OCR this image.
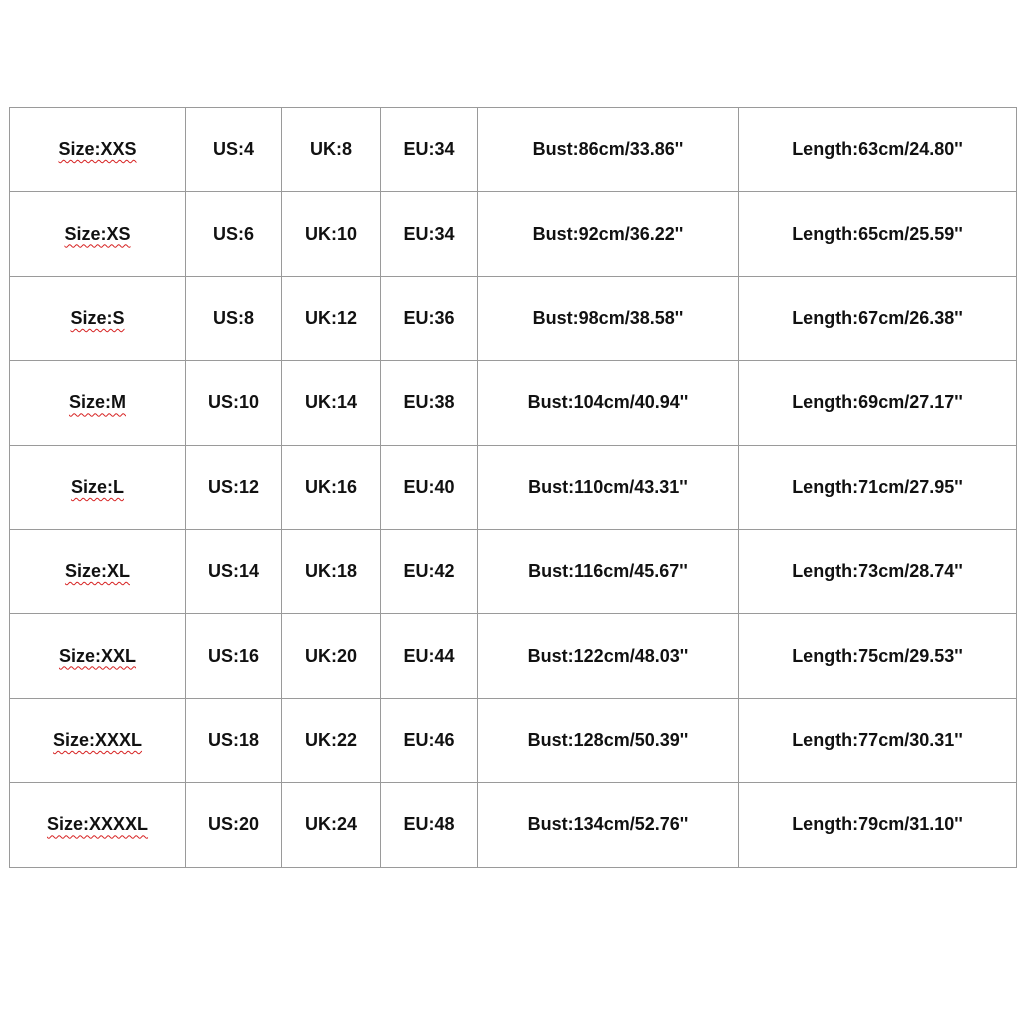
Size:XXS	US:4	UK:8	EU:34	Bust:86cm/33.86''	Length:63cm/24.80''
Size:XS	US:6	UK:10	EU:34	Bust:92cm/36.22''	Length:65cm/25.59''
Size:S	US:8	UK:12	EU:36	Bust:98cm/38.58''	Length:67cm/26.38''
Size:M	US:10	UK:14	EU:38	Bust:104cm/40.94''	Length:69cm/27.17''
Size:L	US:12	UK:16	EU:40	Bust:110cm/43.31''	Length:71cm/27.95''
Size:XL	US:14	UK:18	EU:42	Bust:116cm/45.67''	Length:73cm/28.74''
Size:XXL	US:16	UK:20	EU:44	Bust:122cm/48.03''	Length:75cm/29.53''
Size:XXXL	US:18	UK:22	EU:46	Bust:128cm/50.39''	Length:77cm/30.31''
Size:XXXXL	US:20	UK:24	EU:48	Bust:134cm/52.76''	Length:79cm/31.10''
